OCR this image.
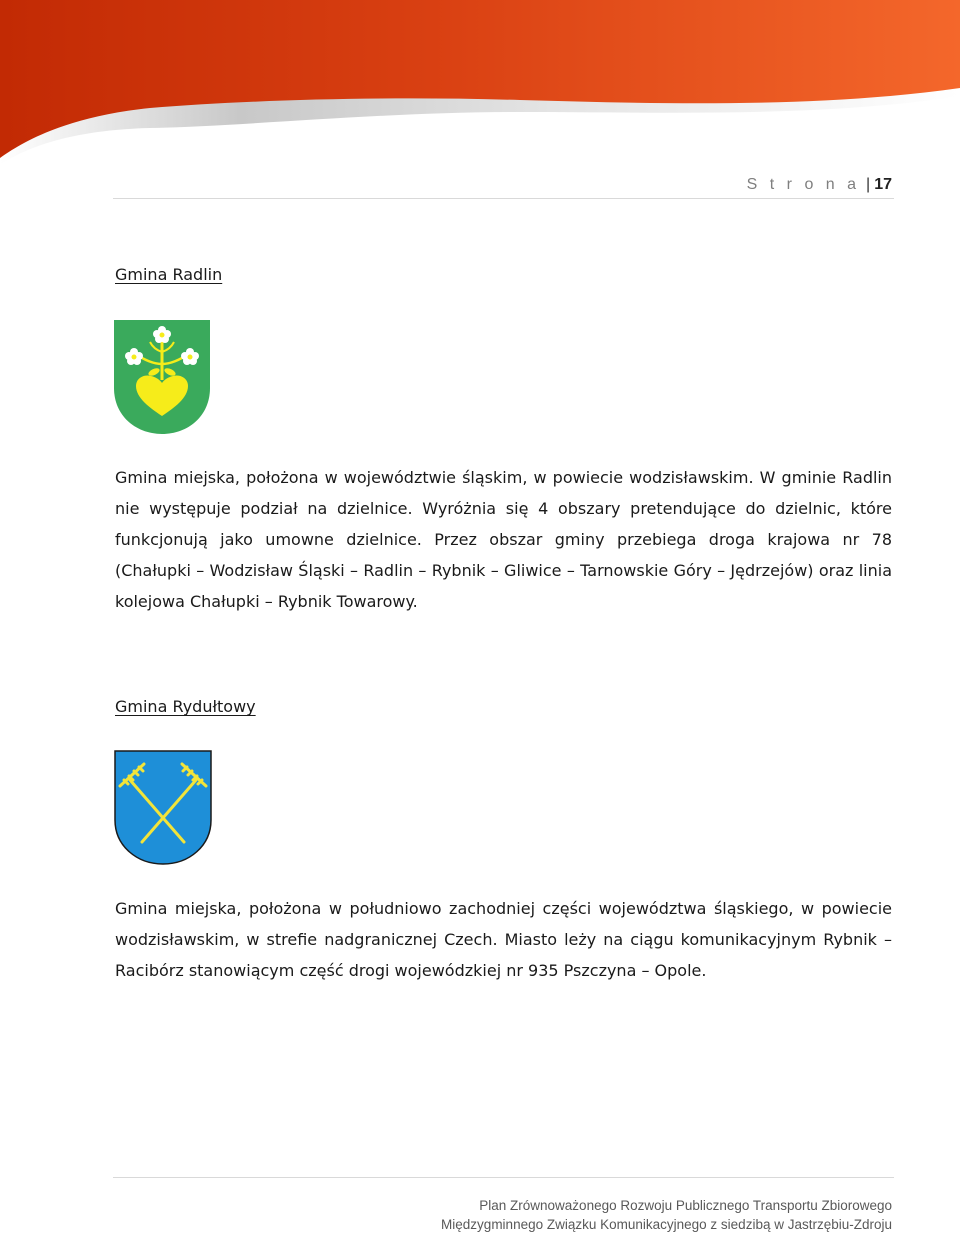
S t r o n a | 17
Gmina Radlin

Gmina miejska, położona w województwie śląskim, w powiecie wodzisławskim. W gminie Radlin nie występuje podział na dzielnice. Wyróżnia się 4 obszary pretendujące do dzielnic, które funkcjonują jako umowne dzielnice. Przez obszar gminy przebiega droga krajowa nr 78 (Chałupki – Wodzisław Śląski – Radlin – Rybnik – Gliwice – Tarnowskie Góry – Jędrzejów) oraz linia kolejowa Chałupki – Rybnik Towarowy.

Gmina Rydułtowy

Gmina miejska, położona w południowo zachodniej części województwa śląskiego, w powiecie wodzisławskim, w strefie nadgranicznej Czech. Miasto leży na ciągu komunikacyjnym Rybnik – Racibórz stanowiącym część drogi wojewódzkiej nr 935 Pszczyna – Opole.

Plan Zrównoważonego Rozwoju Publicznego Transportu Zbiorowego
Międzygminnego Związku Komunikacyjnego z siedzibą w Jastrzębiu-Zdroju
